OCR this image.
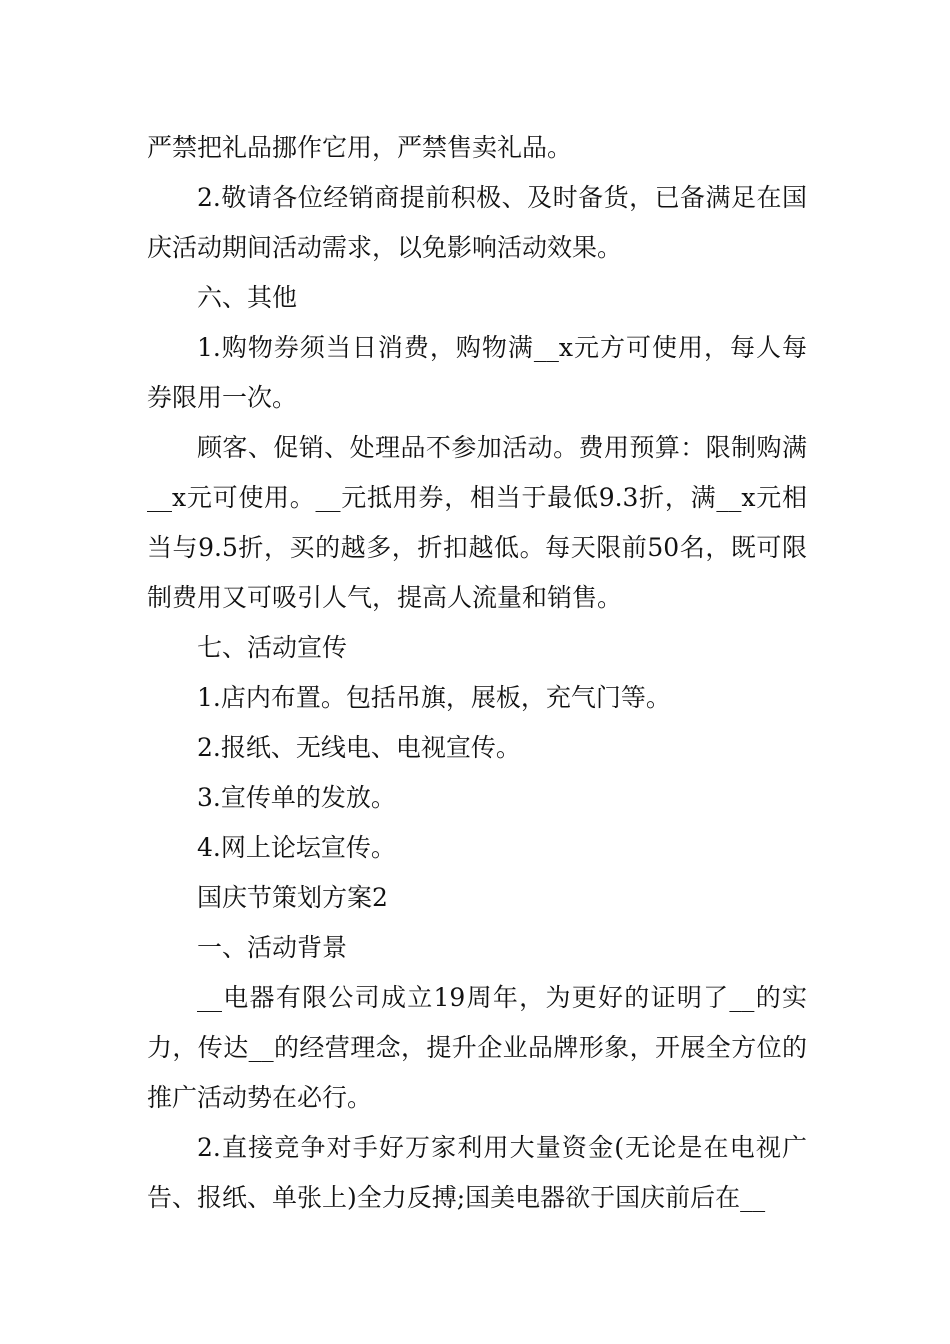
严禁把礼品挪作它用，严禁售卖礼品。

2.敬请各位经销商提前积极、及时备货，已备满足在国庆活动期间活动需求，以免影响活动效果。

六、其他

1.购物券须当日消费，购物满__x元方可使用，每人每券限用一次。

顾客、促销、处理品不参加活动。费用预算：限制购满__x元可使用。__元抵用券，相当于最低9.3折，满__x元相当与9.5折，买的越多，折扣越低。每天限前50名，既可限制费用又可吸引人气，提高人流量和销售。

七、活动宣传

1.店内布置。包括吊旗，展板，充气门等。

2.报纸、无线电、电视宣传。

3.宣传单的发放。

4.网上论坛宣传。

国庆节策划方案2

一、活动背景

__电器有限公司成立19周年，为更好的证明了__的实力，传达__的经营理念，提升企业品牌形象，开展全方位的推广活动势在必行。

2.直接竞争对手好万家利用大量资金(无论是在电视广告、报纸、单张上)全力反搏;国美电器欲于国庆前后在__
